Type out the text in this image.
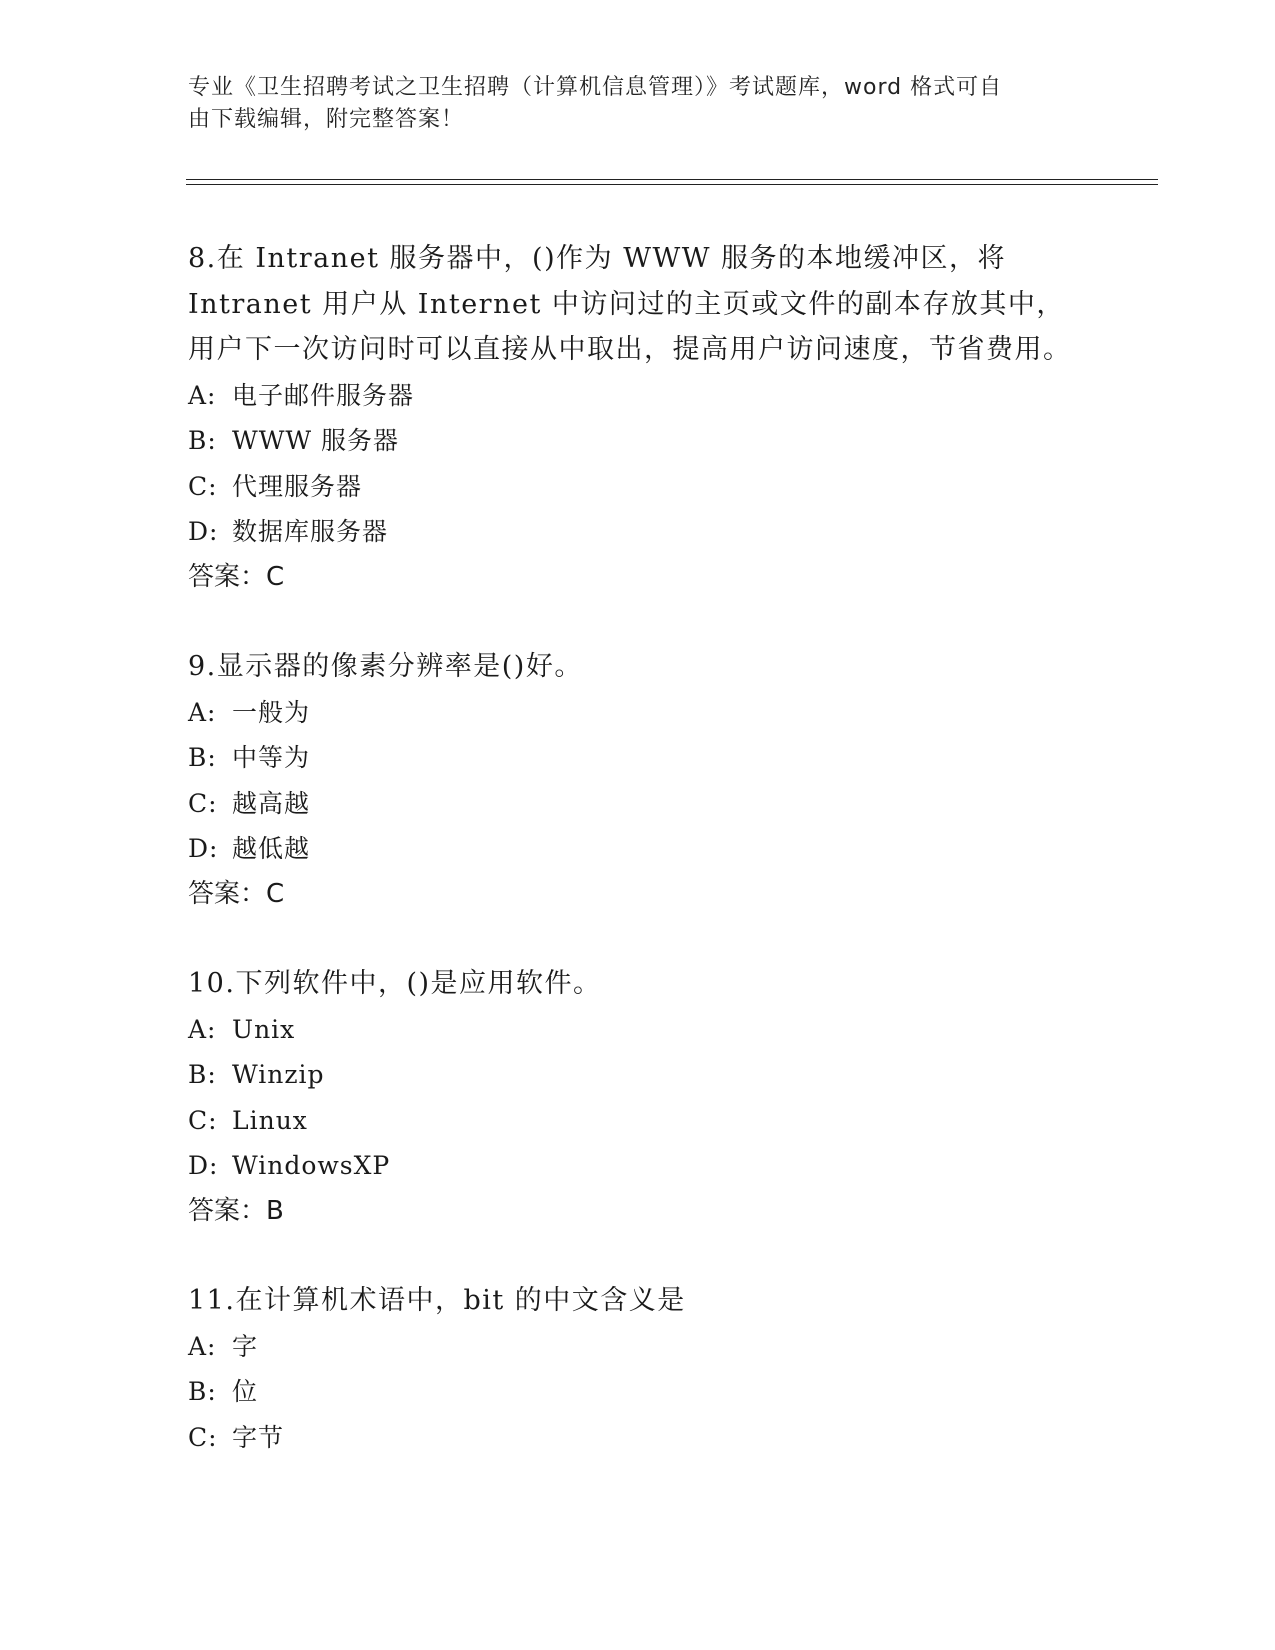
专业《卫生招聘考试之卫生招聘（计算机信息管理）》考试题库，word 格式可自
由下载编辑，附完整答案！

8.在 Intranet 服务器中，()作为 WWW 服务的本地缓冲区，将 Intranet 用户从 Internet 中访问过的主页或文件的副本存放其中，用户下一次访问时可以直接从中取出，提高用户访问速度，节省费用。

A: 电子邮件服务器

B: WWW 服务器

C: 代理服务器

D: 数据库服务器

答案：C

9.显示器的像素分辨率是()好。

A: 一般为

B: 中等为

C: 越高越

D: 越低越

答案：C

10.下列软件中，()是应用软件。

A: Unix

B: Winzip

C: Linux

D: WindowsXP

答案：B

11.在计算机术语中，bit 的中文含义是

A: 字

B: 位

C: 字节
